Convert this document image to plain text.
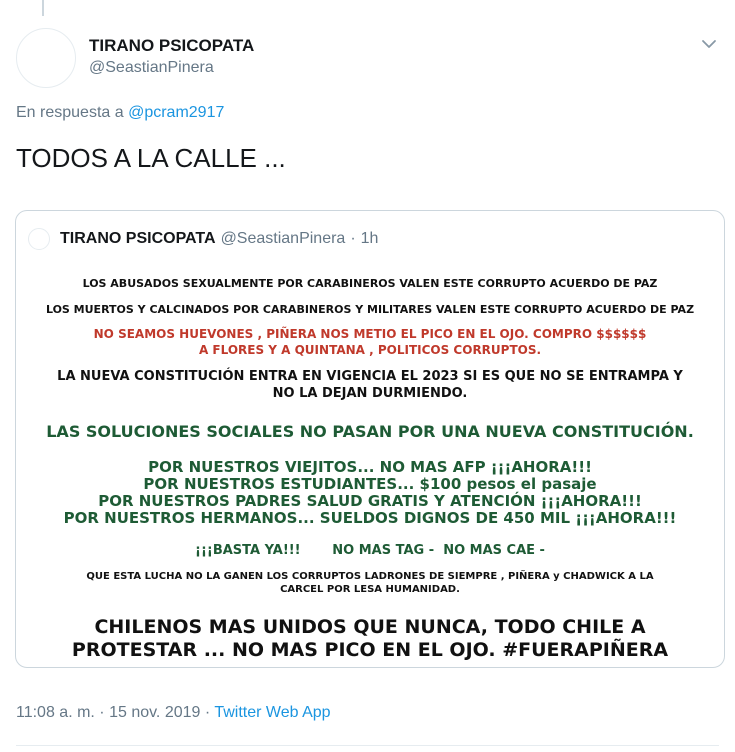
TIRANO PSICOPATA
@SeastianPinera
En respuesta a @pcram2917
TODOS A LA CALLE ...
TIRANO PSICOPATA @SeastianPinera · 1h
LOS ABUSADOS SEXUALMENTE POR CARABINEROS VALEN ESTE CORRUPTO ACUERDO DE PAZ
LOS MUERTOS Y CALCINADOS POR CARABINEROS Y MILITARES VALEN ESTE CORRUPTO ACUERDO DE PAZ
NO SEAMOS HUEVONES , PIÑERA NOS METIO EL PICO EN EL OJO. COMPRO $$$$$$
A FLORES Y A QUINTANA , POLITICOS CORRUPTOS.
LA NUEVA CONSTITUCIÓN ENTRA EN VIGENCIA EL 2023 SI ES QUE NO SE ENTRAMPA Y
NO LA DEJAN DURMIENDO.
LAS SOLUCIONES SOCIALES NO PASAN POR UNA NUEVA CONSTITUCIÓN.
POR NUESTROS VIEJITOS... NO MAS AFP ¡¡¡AHORA!!!
POR NUESTROS ESTUDIANTES... $100 pesos el pasaje
POR NUESTROS PADRES SALUD GRATIS Y ATENCIÓN ¡¡¡AHORA!!!
POR NUESTROS HERMANOS... SUELDOS DIGNOS DE 450 MIL ¡¡¡AHORA!!!
¡¡¡BASTA YA!!!       NO MAS TAG -  NO MAS CAE -
QUE ESTA LUCHA NO LA GANEN LOS CORRUPTOS LADRONES DE SIEMPRE , PIÑERA y CHADWICK A LA
CARCEL POR LESA HUMANIDAD.
CHILENOS MAS UNIDOS QUE NUNCA, TODO CHILE A
PROTESTAR ... NO MAS PICO EN EL OJO. #FUERAPIÑERA
11:08 a. m. · 15 nov. 2019 · Twitter Web App
